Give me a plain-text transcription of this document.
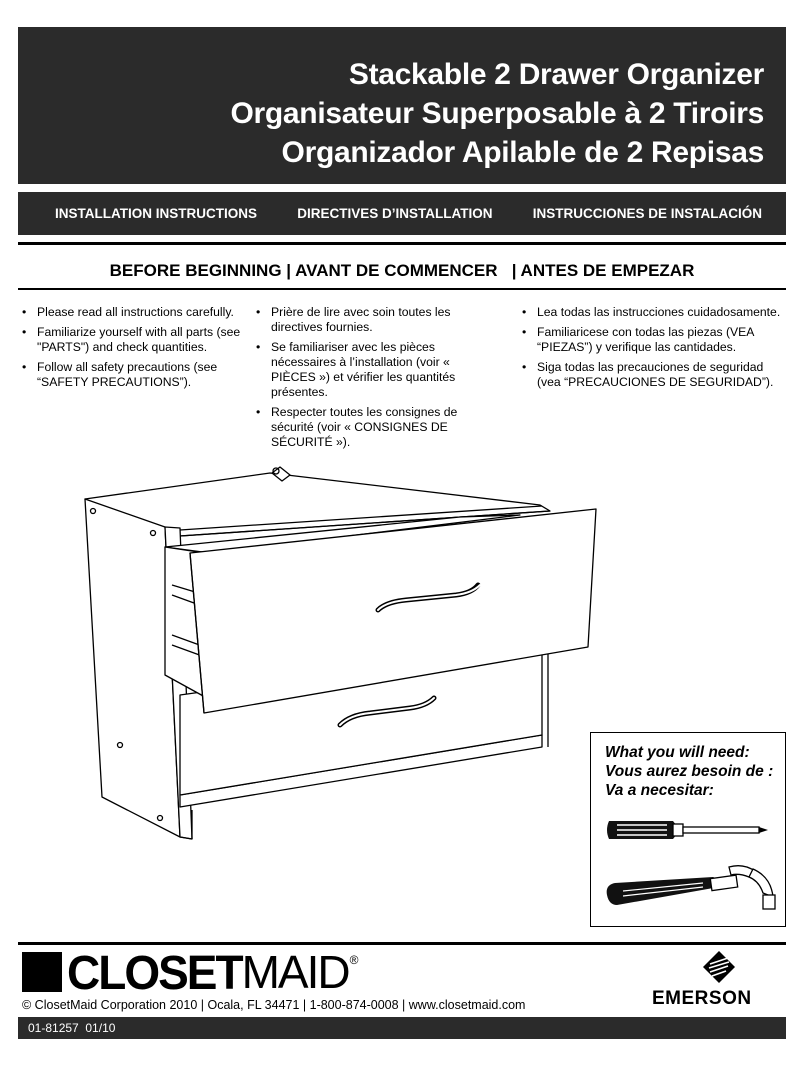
Stackable 2 Drawer Organizer

Organisateur Superposable à 2 Tiroirs

Organizador Apilable de 2 Repisas

INSTALLATION INSTRUCTIONS	DIRECTIVES D’INSTALLATION	INSTRUCCIONES DE INSTALACIÓN
BEFORE BEGINNING | AVANT DE COMMENCER   | ANTES DE EMPEZAR
• Please read all instructions carefully.
• Familiarize yourself with all parts (see "PARTS") and check quantities.
• Follow all safety precautions (see “SAFETY PRECAUTIONS”).
• Prière de lire avec soin toutes les directives fournies.
• Se familiariser avec les pièces nécessaires à l’installation (voir « PIÈCES ») et vérifier les quantités présentes.
• Respecter toutes les consignes de sécurité (voir « CONSIGNES DE SÉCURITÉ »).
• Lea todas las instrucciones cuidadosamente.
• Familiaricese con todas las piezas (VEA “PIEZAS”) y verifique las cantidades.
• Siga todas las precauciones de seguridad (vea “PRECAUCIONES DE SEGURIDAD”).
What you will need:
Vous aurez besoin de :
Va a necesitar:
CLOSET MAID ®
© ClosetMaid Corporation 2010 | Ocala, FL 34471 | 1-800-874-0008 | www.closetmaid.com	EMERSON
01-81257  01/10
